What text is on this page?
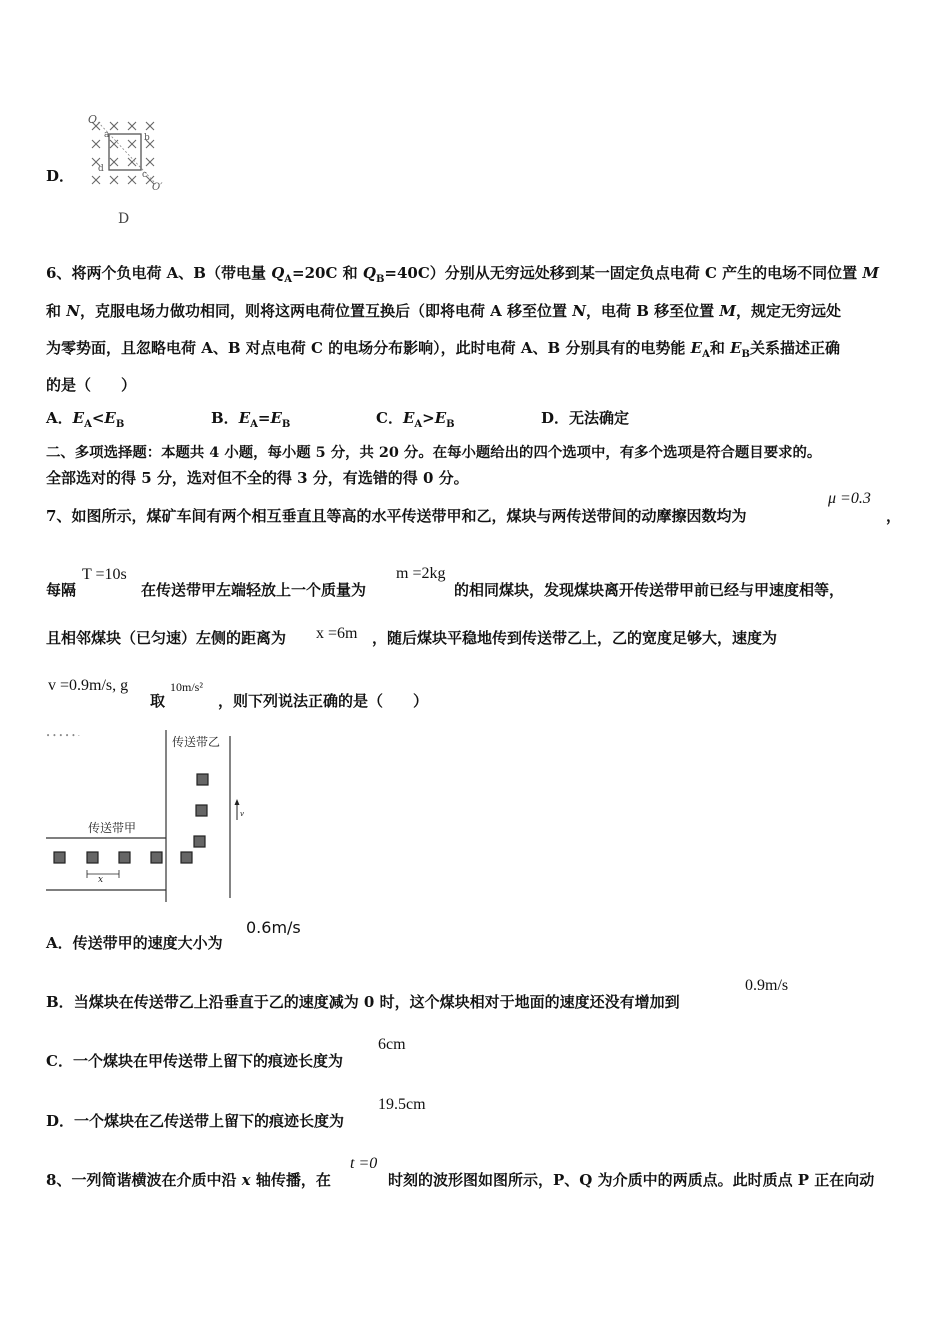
D．
O
a	b
c
d
O′
D
6、将两个负电荷 A、B（带电量 $Q_A=20C$ 和 $Q_B=40C$）分别从无穷远处移到某一固定负点电荷 C 产生的电场不同位置 M
和 N，克服电场力做功相同，则将这两电荷位置互换后（即将电荷 A 移至位置 N，电荷 B 移至位置 M，规定无穷远处
为零势面，且忽略电荷 A、B 对点电荷 C 的电场分布影响），此时电荷 A、B 分别具有的电势能 $E_A$和 $E_B$关系描述正确
的是（　　）
A．$E_A<E_B$	B．$E_A=E_B$	C．$E_A>E_B$	D．无法确定
二、多项选择题：本题共 4 小题，每小题 5 分，共 20 分。在每小题给出的四个选项中，有多个选项是符合题目要求的。
全部选对的得 5 分，选对但不全的得 3 分，有选错的得 0 分。
7、如图所示，煤矿车间有两个相互垂直且等高的水平传送带甲和乙，煤块与两传送带间的动摩擦因数均为
μ =0.3
，
每隔
T =10s
在传送带甲左端轻放上一个质量为
m =2kg
的相同煤块，发现煤块离开传送带甲前已经与甲速度相等，
且相邻煤块（已匀速）左侧的距离为 x =6m ，随后煤块平稳地传到传送带乙上，乙的宽度足够大，速度为
v =0.9m/s, g
取
10m/s²
，则下列说法正确的是（　　）
• • • • • ‧	传送带乙
传送带甲
v
x
A．传送带甲的速度大小为
0.6m/s
B．当煤块在传送带乙上沿垂直于乙的速度减为 0 时，这个煤块相对于地面的速度还没有增加到
0.9m/s
C．一个煤块在甲传送带上留下的痕迹长度为
6cm
D．一个煤块在乙传送带上留下的痕迹长度为
19.5cm
8、一列简谐横波在介质中沿 x 轴传播，在
t =0
时刻的波形图如图所示，P、Q 为介质中的两质点。此时质点 P 正在向动
